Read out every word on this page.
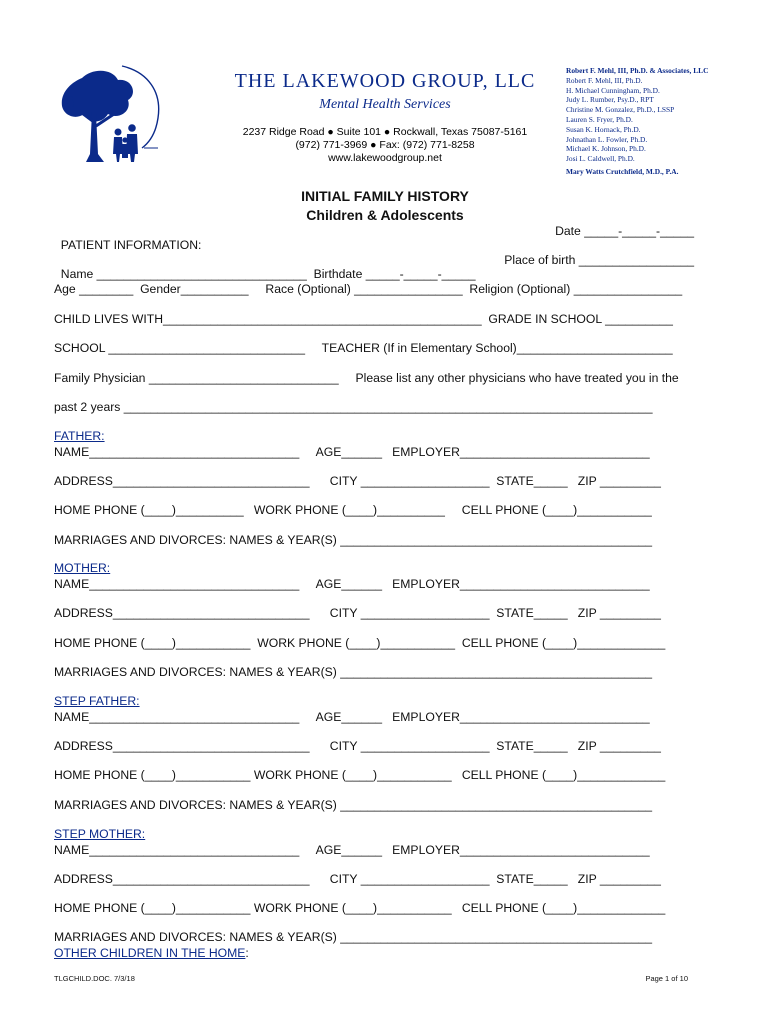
THE LAKEWOOD GROUP, LLC
Mental Health Services
2237 Ridge Road ● Suite 101 ● Rockwall, Texas 75087-5161
(972) 771-3969 ● Fax: (972) 771-8258
www.lakewoodgroup.net
Robert F. Mehl, III, Ph.D. & Associates, LLC
Robert F. Mehl, III, Ph.D.
H. Michael Cunningham, Ph.D.
Judy L. Rumber, Psy.D., RPT
Christine M. Gonzalez, Ph.D., LSSP
Lauren S. Fryer, Ph.D.
Susan K. Hornack, Ph.D.
Johnathan L. Fowler, Ph.D.
Michael K. Johnson, Ph.D.
Josi L. Caldwell, Ph.D.
Mary Watts Crutchfield, M.D., P.A.
INITIAL FAMILY HISTORY
Children & Adolescents

PATIENT INFORMATION:

Date _____-_____-_____

Name _______________________________  Birthdate _____-_____-_____

Place of birth _________________

Age ________  Gender__________     Race (Optional) ________________  Religion (Optional) ________________
CHILD LIVES WITH_______________________________________________  GRADE IN SCHOOL __________
SCHOOL _____________________________     TEACHER (If in Elementary School)_______________________
Family Physician ____________________________     Please list any other physicians who have treated you in the
past 2 years ______________________________________________________________________________
FATHER:
NAME_______________________________     AGE______   EMPLOYER____________________________
ADDRESS_____________________________      CITY ___________________  STATE_____   ZIP _________
HOME PHONE (____)__________   WORK PHONE (____)__________     CELL PHONE (____)___________
MARRIAGES AND DIVORCES: NAMES & YEAR(S) ______________________________________________
MOTHER:
NAME_______________________________     AGE______   EMPLOYER____________________________
ADDRESS_____________________________      CITY ___________________  STATE_____   ZIP _________
HOME PHONE (____)___________  WORK PHONE (____)___________  CELL PHONE (____)_____________
MARRIAGES AND DIVORCES: NAMES & YEAR(S) ______________________________________________
STEP FATHER:
NAME_______________________________     AGE______   EMPLOYER____________________________
ADDRESS_____________________________      CITY ___________________  STATE_____   ZIP _________
HOME PHONE (____)___________ WORK PHONE (____)___________   CELL PHONE (____)_____________
MARRIAGES AND DIVORCES: NAMES & YEAR(S) ______________________________________________
STEP MOTHER:
NAME_______________________________     AGE______   EMPLOYER____________________________
ADDRESS_____________________________      CITY ___________________  STATE_____   ZIP _________
HOME PHONE (____)___________ WORK PHONE (____)___________   CELL PHONE (____)_____________
MARRIAGES AND DIVORCES: NAMES & YEAR(S) ______________________________________________
OTHER CHILDREN IN THE HOME:
TLGCHILD.DOC. 7/3/18	Page 1 of 10
